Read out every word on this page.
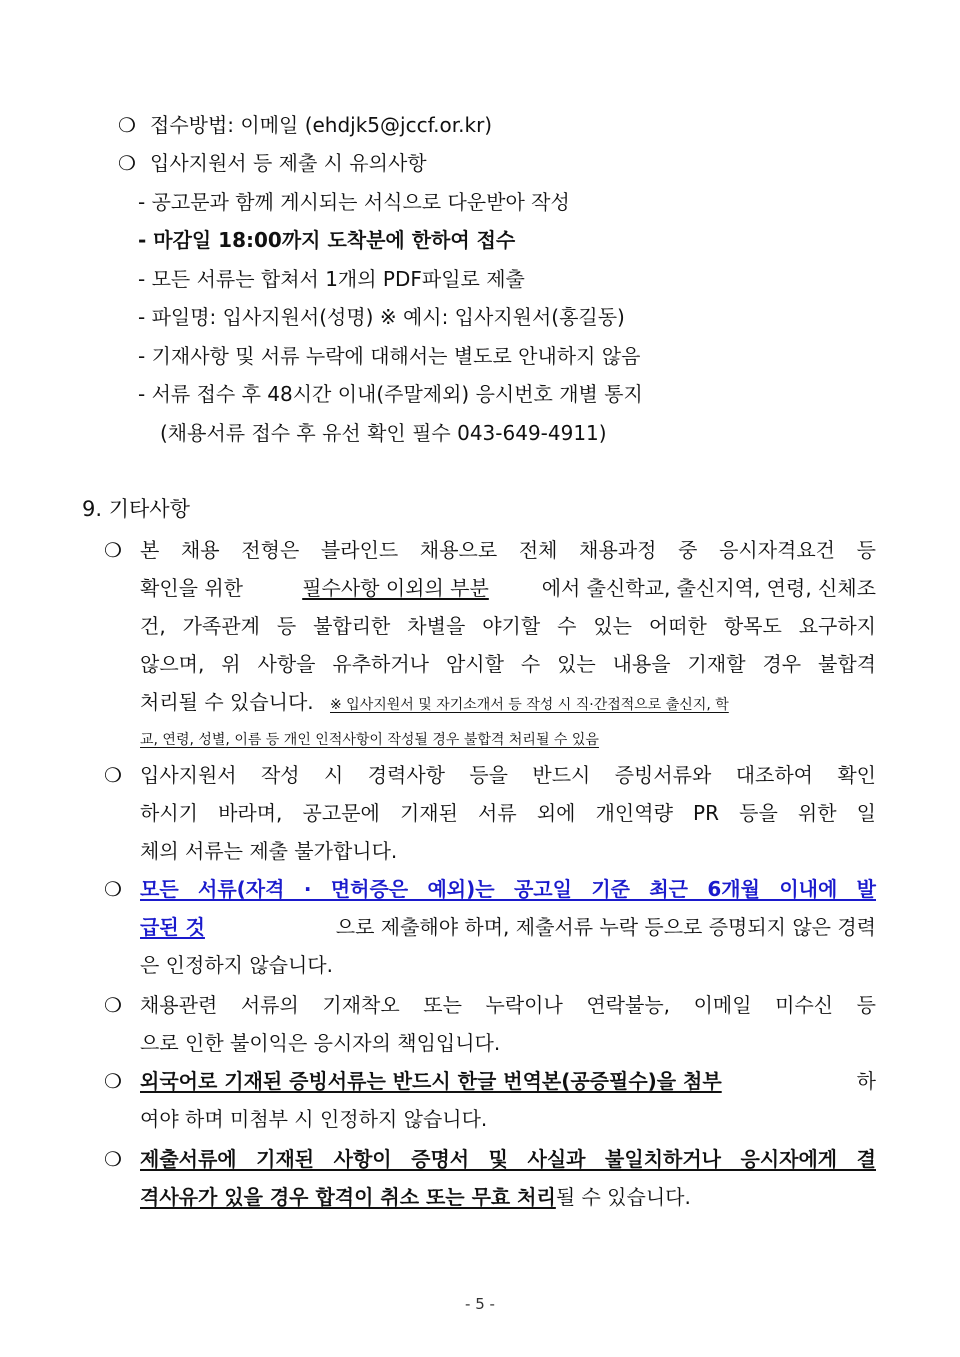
❍ 접수방법: 이메일 (ehdjk5@jccf.or.kr)
❍ 입사지원서 등 제출 시 유의사항
- 공고문과 함께 게시되는 서식으로 다운받아 작성
- 마감일 18:00까지 도착분에 한하여 접수
- 모든 서류는 합쳐서 1개의 PDF파일로 제출
- 파일명: 입사지원서(성명) ※ 예시: 입사지원서(홍길동)
- 기재사항 및 서류 누락에 대해서는 별도로 안내하지 않음
- 서류 접수 후 48시간 이내(주말제외) 응시번호 개별 통지
(채용서류 접수 후 유선 확인 필수 043-649-4911)
9. 기타사항
❍ 본 채용 전형은 블라인드 채용으로 전체 채용과정 중 응시자격요건 등
확인을 위한	필수사항 이외의 부분	에서 출신학교, 출신지역, 연령, 신체조
건, 가족관계 등 불합리한 차별을 야기할 수 있는 어떠한 항목도 요구하지
않으며, 위 사항을 유추하거나 암시할 수 있는 내용을 기재할 경우 불합격
처리될 수 있습니다. ※ 입사지원서 및 자기소개서 등 작성 시 직·간접적으로 출신지, 학
교, 연령, 성별, 이름 등 개인 인적사항이 작성될 경우 불합격 처리될 수 있음
❍ 입사지원서 작성 시 경력사항 등을 반드시 증빙서류와 대조하여 확인
하시기 바라며, 공고문에 기재된 서류 외에 개인역량 PR 등을 위한 일
체의 서류는 제출 불가합니다.
❍ 모든 서류(자격 · 면허증은 예외)는 공고일 기준 최근 6개월 이내에 발
급된 것	으로 제출해야 하며, 제출서류 누락 등으로 증명되지 않은 경력
은 인정하지 않습니다.
❍ 채용관련 서류의 기재착오 또는 누락이나 연락불능, 이메일 미수신 등
으로 인한 불이익은 응시자의 책임입니다.
❍ 외국어로 기재된 증빙서류는 반드시 한글 번역본(공증필수)을 첨부	하
여야 하며 미첨부 시 인정하지 않습니다.
❍ 제출서류에 기재된 사항이 증명서 및 사실과 불일치하거나 응시자에게 결
격사유가 있을 경우 합격이 취소 또는 무효 처리될 수 있습니다.
- 5 -
